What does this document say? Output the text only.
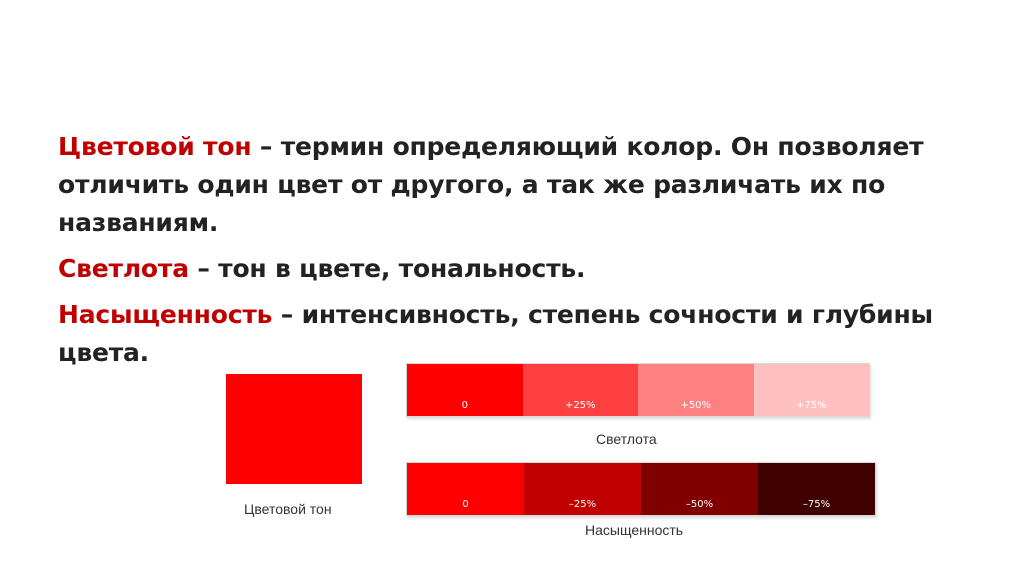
Цветовой тон – термин определяющий колор. Он позволяет отличить один цвет от другого, а так же различать их по названиям.

Светлота – тон в цвете, тональность.

Насыщенность – интенсивность, степень сочности и глубины цвета.

Цветовой тон
0	+25%	+50%	+75%
Светлота
0	–25%	–50%	–75%
Насыщенность
